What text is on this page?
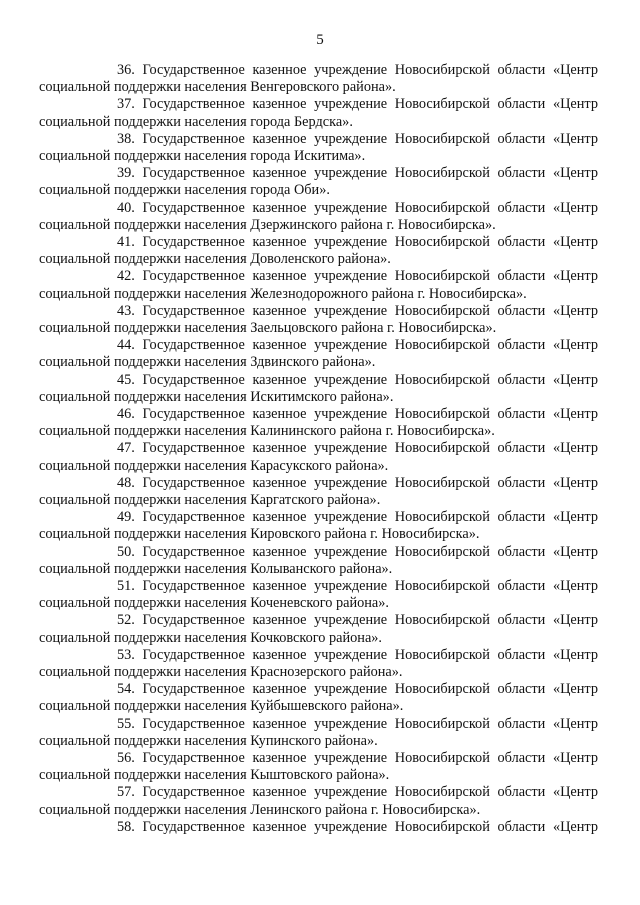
5
36. Государственное казенное учреждение Новосибирской области «Центр
социальной поддержки населения Венгеровского района».
37. Государственное казенное учреждение Новосибирской области «Центр
социальной поддержки населения города Бердска».
38. Государственное казенное учреждение Новосибирской области «Центр
социальной поддержки населения города Искитима».
39. Государственное казенное учреждение Новосибирской области «Центр
социальной поддержки населения города Оби».
40. Государственное казенное учреждение Новосибирской области «Центр
социальной поддержки населения Дзержинского района г. Новосибирска».
41. Государственное казенное учреждение Новосибирской области «Центр
социальной поддержки населения Доволенского района».
42. Государственное казенное учреждение Новосибирской области «Центр
социальной поддержки населения Железнодорожного района г. Новосибирска».
43. Государственное казенное учреждение Новосибирской области «Центр
социальной поддержки населения Заельцовского района г. Новосибирска».
44. Государственное казенное учреждение Новосибирской области «Центр
социальной поддержки населения Здвинского района».
45. Государственное казенное учреждение Новосибирской области «Центр
социальной поддержки населения Искитимского района».
46. Государственное казенное учреждение Новосибирской области «Центр
социальной поддержки населения Калининского района г. Новосибирска».
47. Государственное казенное учреждение Новосибирской области «Центр
социальной поддержки населения Карасукского района».
48. Государственное казенное учреждение Новосибирской области «Центр
социальной поддержки населения Каргатского района».
49. Государственное казенное учреждение Новосибирской области «Центр
социальной поддержки населения Кировского района г. Новосибирска».
50. Государственное казенное учреждение Новосибирской области «Центр
социальной поддержки населения Колыванского района».
51. Государственное казенное учреждение Новосибирской области «Центр
социальной поддержки населения Коченевского района».
52. Государственное казенное учреждение Новосибирской области «Центр
социальной поддержки населения Кочковского района».
53. Государственное казенное учреждение Новосибирской области «Центр
социальной поддержки населения Краснозерского района».
54. Государственное казенное учреждение Новосибирской области «Центр
социальной поддержки населения Куйбышевского района».
55. Государственное казенное учреждение Новосибирской области «Центр
социальной поддержки населения Купинского района».
56. Государственное казенное учреждение Новосибирской области «Центр
социальной поддержки населения Кыштовского района».
57. Государственное казенное учреждение Новосибирской области «Центр
социальной поддержки населения Ленинского района г. Новосибирска».
58. Государственное казенное учреждение Новосибирской области «Центр
